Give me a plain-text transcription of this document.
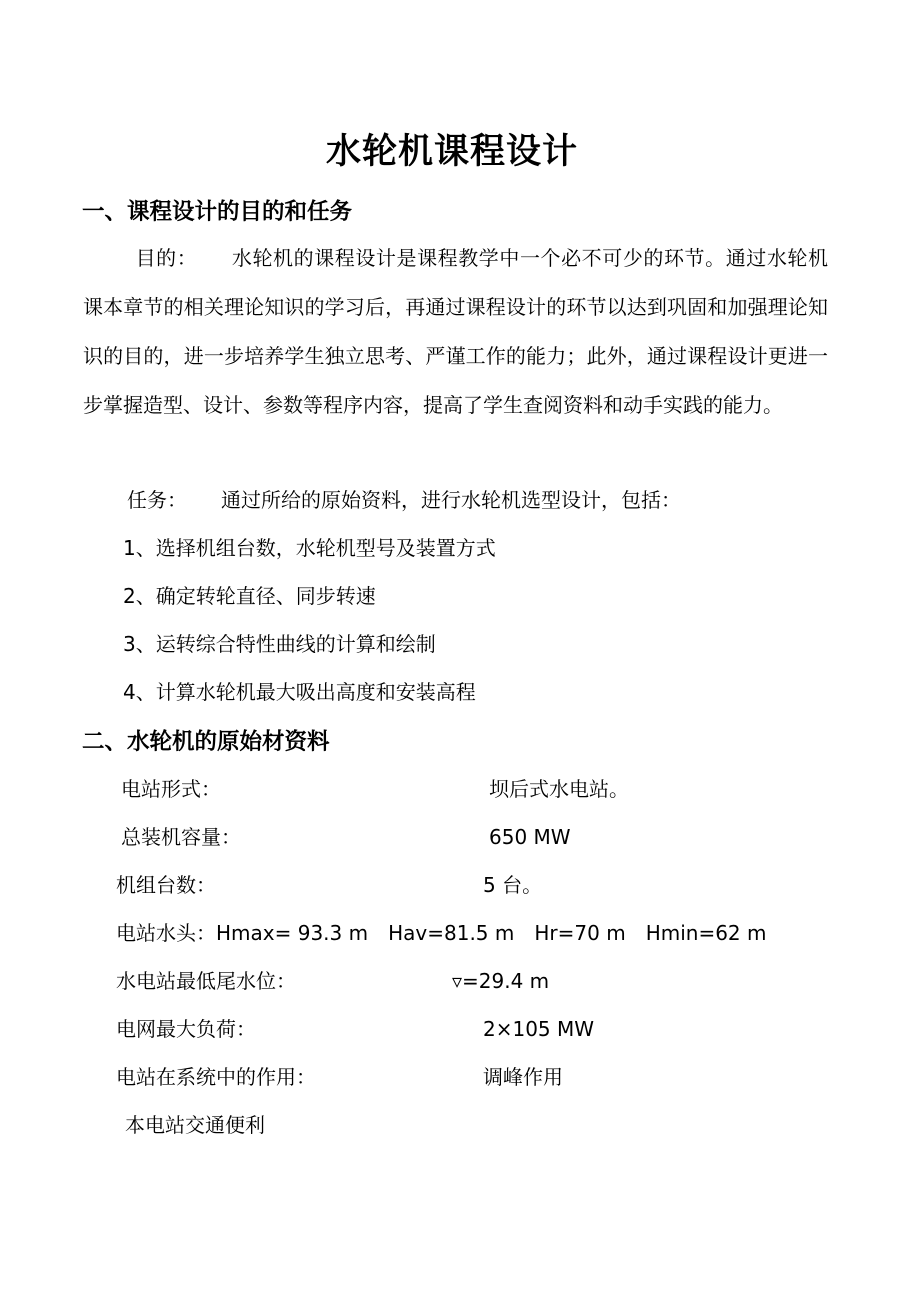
水轮机课程设计
一、课程设计的目的和任务
目的： 水轮机的课程设计是课程教学中一个必不可少的环节。通过水轮机课本章节的相关理论知识的学习后，再通过课程设计的环节以达到巩固和加强理论知识的目的，进一步培养学生独立思考、严谨工作的能力；此外，通过课程设计更进一步掌握造型、设计、参数等程序内容，提高了学生查阅资料和动手实践的能力。
任务： 通过所给的原始资料，进行水轮机选型设计，包括：
1、选择机组台数，水轮机型号及装置方式
2、确定转轮直径、同步转速
3、运转综合特性曲线的计算和绘制
4、计算水轮机最大吸出高度和安装高程
二、水轮机的原始材资料
电站形式：	坝后式水电站。
总装机容量：	650 MW
机组台数：	5 台。
电站水头：Hmax= 93.3 m Hav=81.5 m Hr=70 m Hmin=62 m
水电站最低尾水位：	▿=29.4 m
电网最大负荷：	2×105 MW
电站在系统中的作用：	调峰作用
本电站交通便利
